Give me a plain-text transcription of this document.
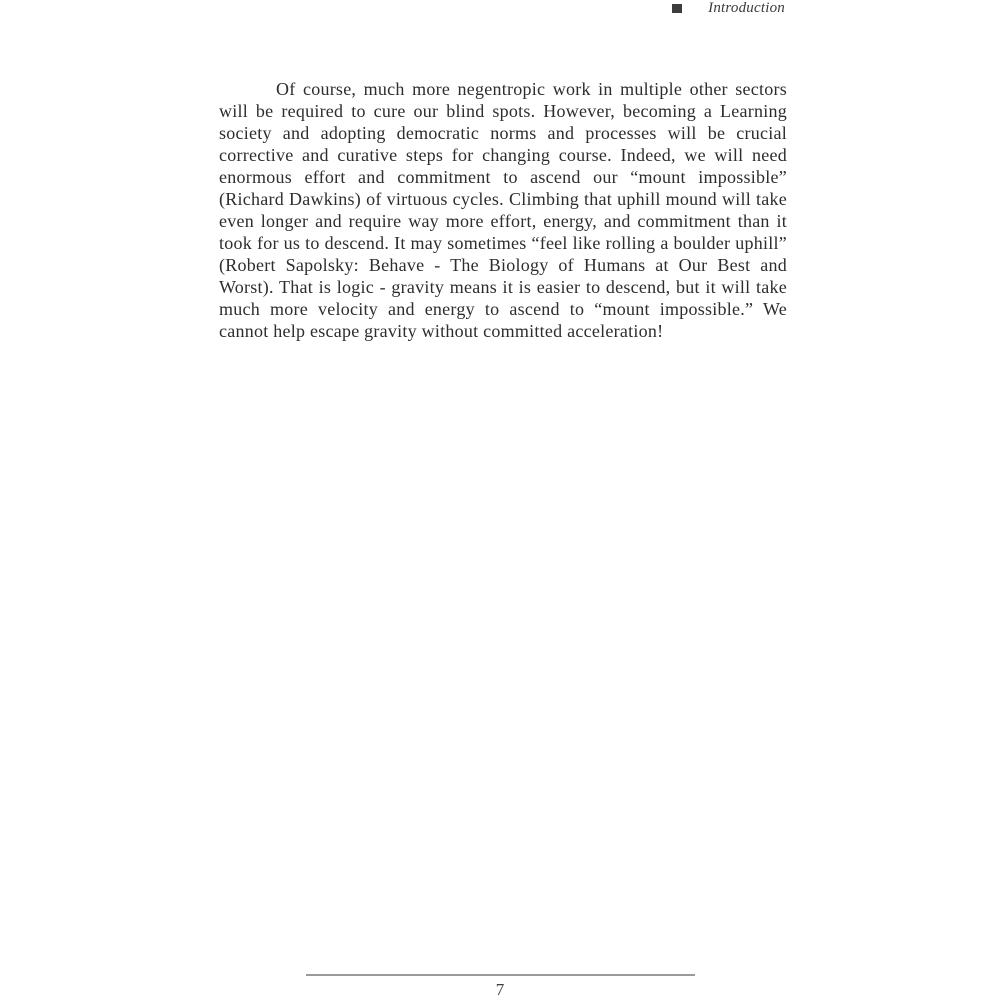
Introduction

Of course, much more negentropic work in multiple other sectors will be required to cure our blind spots. However, becoming a Learning society and adopting democratic norms and processes will be crucial corrective and curative steps for changing course. Indeed, we will need enormous effort and commitment to ascend our “mount impossible” (Richard Dawkins) of virtuous cycles. Climbing that uphill mound will take even longer and require way more effort, energy, and commitment than it took for us to descend. It may sometimes “feel like rolling a boulder uphill” (Robert Sapolsky: Behave - The Biology of Humans at Our Best and Worst). That is logic - gravity means it is easier to descend, but it will take much more velocity and energy to ascend to “mount impossible.” We cannot help escape gravity without committed acceleration!

7
